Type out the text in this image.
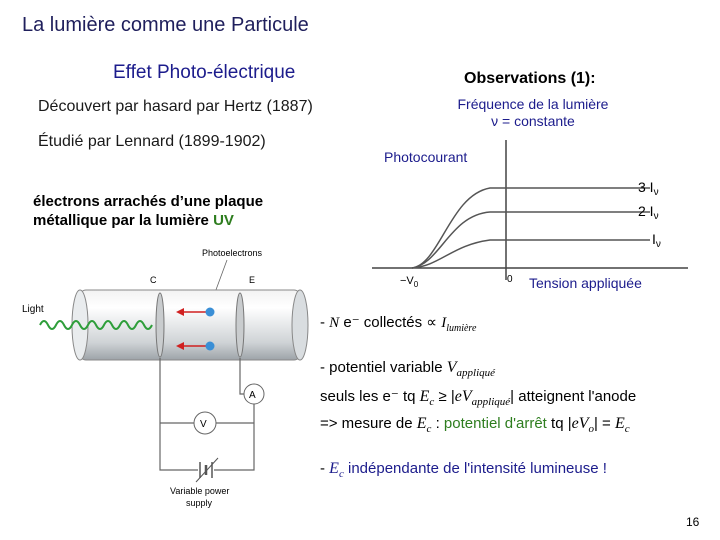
La lumière comme une Particule
Effet Photo-électrique
Découvert par hasard par Hertz (1887)
Étudié par Lennard (1899-1902)
électrons arrachés d’une plaque
métallique par la lumière UV
Observations (1):
Fréquence de la lumière
ν = constante
Photocourant
3 $I_\nu$
2 $I_\nu$
$I_\nu$
$-V_0$	0 Tension appliquée
Photoelectrons
C	E
Light
A
V
Variable power
supply
- N e⁻ collectés ∝ $I_{lumière}$
- potentiel variable $V_{appliqué}$
seuls les e⁻ tq $E_c \ge |eV_{appliqué}|$ atteignent l'anode
=> mesure de $E_c$ : potentiel d'arrêt tq $|eV_o| = E_c$
- $E_c$ indépendante de l'intensité lumineuse !
16
